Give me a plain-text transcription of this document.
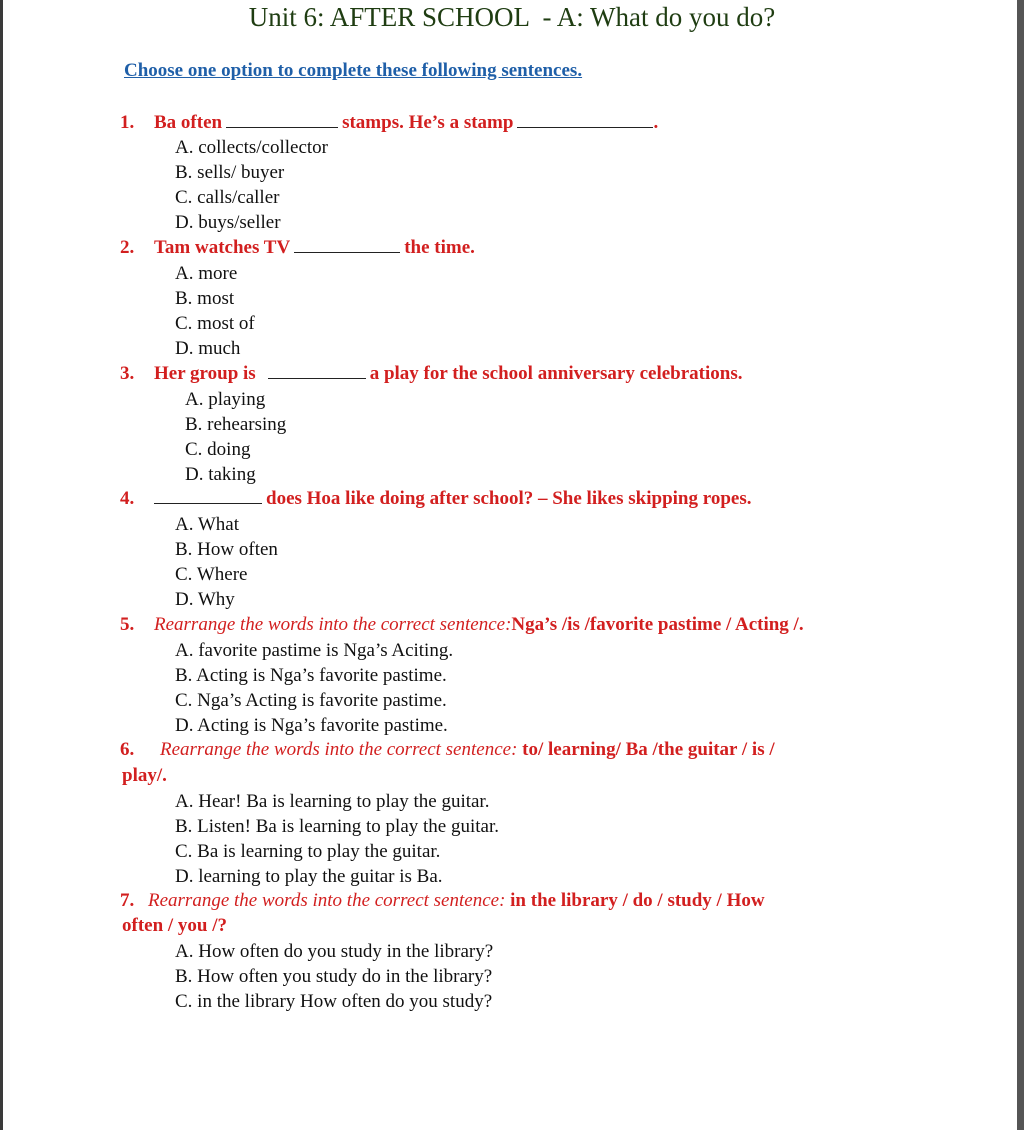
Unit 6: AFTER SCHOOL  - A: What do you do?
Choose one option to complete these following sentences.
1. Ba often	stamps. He’s a stamp	.
A. collects/collector
B. sells/ buyer
C. calls/caller
D. buys/seller
2. Tam watches TV	the time.
A. more
B. most
C. most of
D. much
3. Her group is	a play for the school anniversary celebrations.
A. playing
B. rehearsing
C. doing
D. taking
4.	does Hoa like doing after school? – She likes skipping ropes.
A. What
B. How often
C. Where
D. Why
5. Rearrange the words into the correct sentence:Nga’s /is /favorite pastime / Acting /.
A. favorite pastime is Nga’s Aciting.
B. Acting is Nga’s favorite pastime.
C. Nga’s Acting is favorite pastime.
D. Acting is Nga’s favorite pastime.
6. Rearrange the words into the correct sentence: to/ learning/ Ba /the guitar / is /
play/.
A. Hear! Ba is learning to play the guitar.
B. Listen! Ba is learning to play the guitar.
C. Ba is learning to play the guitar.
D. learning to play the guitar is Ba.
7. Rearrange the words into the correct sentence: in the library / do / study / How
often / you /?
A. How often do you study in the library?
B. How often you study do in the library?
C. in the library How often do you study?
